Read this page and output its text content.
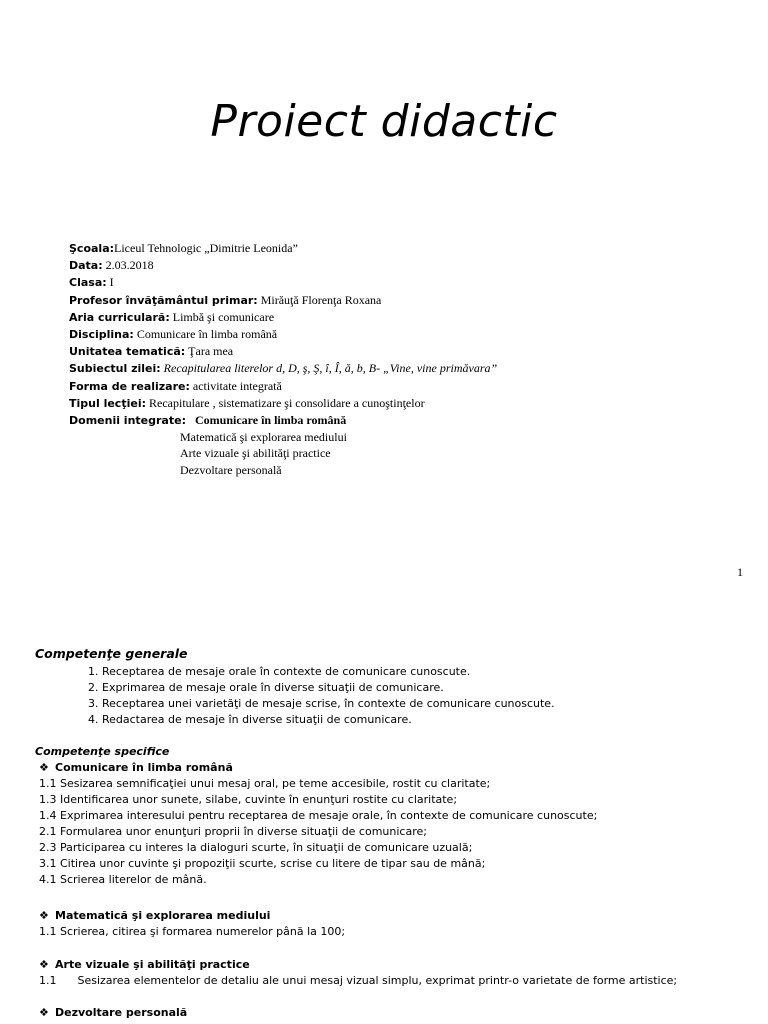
Proiect didactic
Şcoala:Liceul Tehnologic „Dimitrie Leonida”
Data: 2.03.2018
Clasa: I
Profesor învăţământul primar: Mirăuţă Florenţa Roxana
Aria curriculară: Limbă şi comunicare
Disciplina: Comunicare în limba română
Unitatea tematică: Ţara mea
Subiectul zilei: Recapitularea literelor d, D, ş, Ş, î, Î, ă, b, B- „Vine, vine primăvara”
Forma de realizare: activitate integrată
Tipul lecţiei: Recapitulare , sistematizare şi consolidare a cunoştinţelor
Domenii integrate: Comunicare în limba română
Matematică şi explorarea mediului
Arte vizuale şi abilităţi practice
Dezvoltare personală
1
Competenţe generale
1. Receptarea de mesaje orale în contexte de comunicare cunoscute.
2. Exprimarea de mesaje orale în diverse situaţii de comunicare.
3. Receptarea unei varietăţi de mesaje scrise, în contexte de comunicare cunoscute.
4. Redactarea de mesaje în diverse situaţii de comunicare.
Competenţe specifice
❖ Comunicare în limba română
1.1 Sesizarea semnificaţiei unui mesaj oral, pe teme accesibile, rostit cu claritate;
1.3 Identificarea unor sunete, silabe, cuvinte în enunţuri rostite cu claritate;
1.4 Exprimarea interesului pentru receptarea de mesaje orale, în contexte de comunicare cunoscute;
2.1 Formularea unor enunţuri proprii în diverse situaţii de comunicare;
2.3 Participarea cu interes la dialoguri scurte, în situaţii de comunicare uzuală;
3.1 Citirea unor cuvinte şi propoziţii scurte, scrise cu litere de tipar sau de mână;
4.1 Scrierea literelor de mână.
❖ Matematică şi explorarea mediului
1.1 Scrierea, citirea şi formarea numerelor până la 100;
❖ Arte vizuale şi abilităţi practice
1.1      Sesizarea elementelor de detaliu ale unui mesaj vizual simplu, exprimat printr-o varietate de forme artistice;
❖ Dezvoltare personală
